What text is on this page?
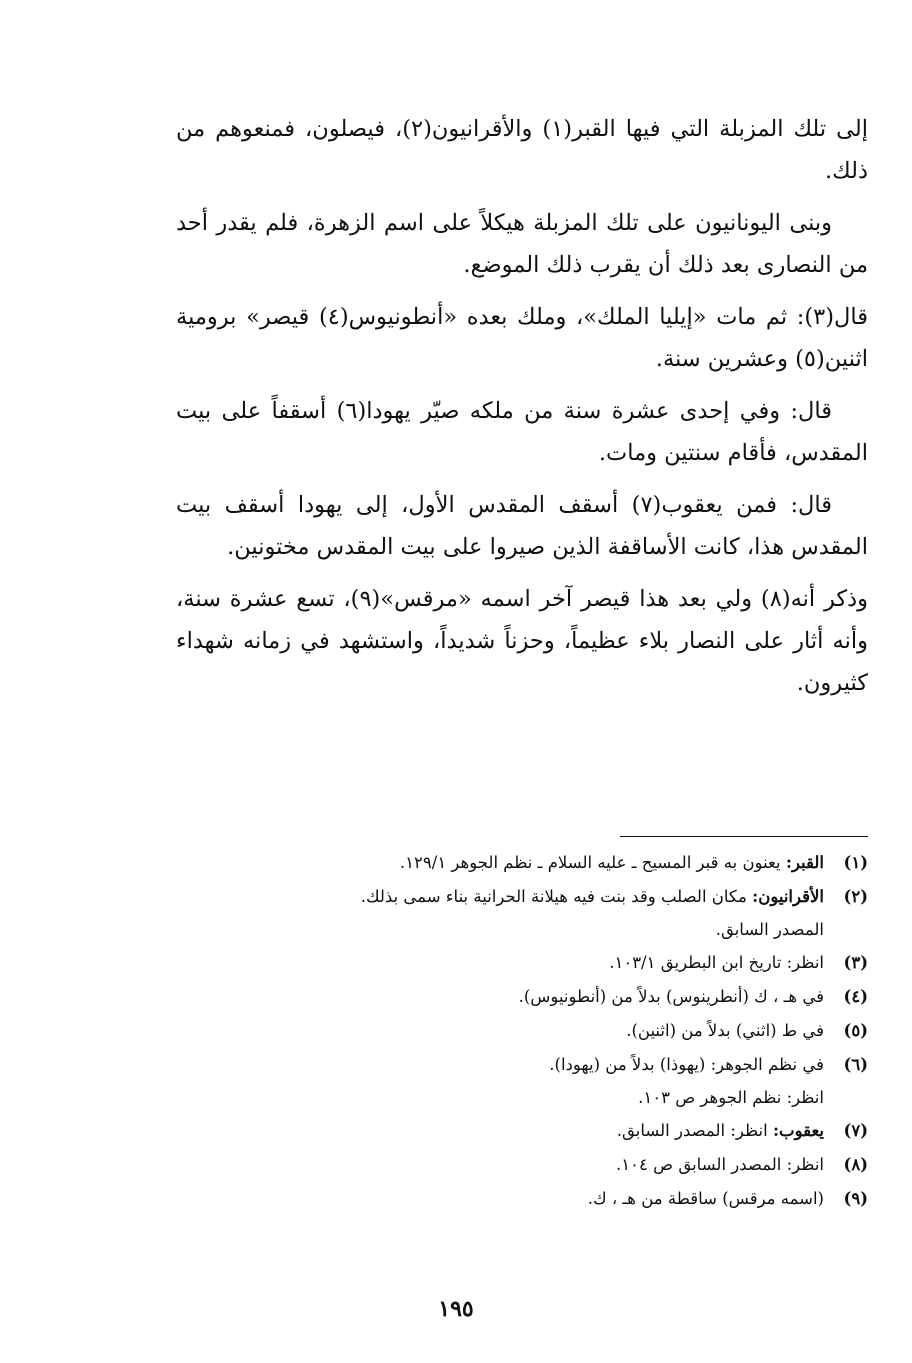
إلى تلك المزبلة التي فيها القبر(١) والأقرانيون(٢)، فيصلون، فمنعوهم من ذلك.

وبنى اليونانيون على تلك المزبلة هيكلاً على اسم الزهرة، فلم يقدر أحد من النصارى بعد ذلك أن يقرب ذلك الموضع.

قال(٣): ثم مات «إيليا الملك»، وملك بعده «أنطونيوس(٤) قيصر» برومية اثنين(٥) وعشرين سنة.

قال: وفي إحدى عشرة سنة من ملكه صيّر يهودا(٦) أسقفاً على بيت المقدس، فأقام سنتين ومات.

قال: فمن يعقوب(٧) أسقف المقدس الأول، إلى يهودا أسقف بيت المقدس هذا، كانت الأساقفة الذين صيروا على بيت المقدس مختونين.

وذكر أنه(٨) ولي بعد هذا قيصر آخر اسمه «مرقس»(٩)، تسع عشرة سنة، وأنه أثار على النصار بلاء عظيماً، وحزناً شديداً، واستشهد في زمانه شهداء كثيرون.

(١)
القبر: يعنون به قبر المسيح ـ عليه السلام ـ نظم الجوهر ١٢٩/١.
(٢)
الأقرانيون: مكان الصلب وقد بنت فيه هيلانة الحرانية بناء سمى بذلك.
المصدر السابق.
(٣)
انظر: تاريخ ابن البطريق ١٠٣/١.
(٤)
في هـ ، ك (أنطرينوس) بدلاً من (أنطونيوس).
(٥)
في ط (اثني) بدلاً من (اثنين).
(٦)
في نظم الجوهر: (يهوذا) بدلاً من (يهودا).
انظر: نظم الجوهر ص ١٠٣.
(٧)
يعقوب: انظر: المصدر السابق.
(٨)
انظر: المصدر السابق ص ١٠٤.
(٩)
(اسمه مرقس) ساقطة من هـ ، ك.
١٩٥
